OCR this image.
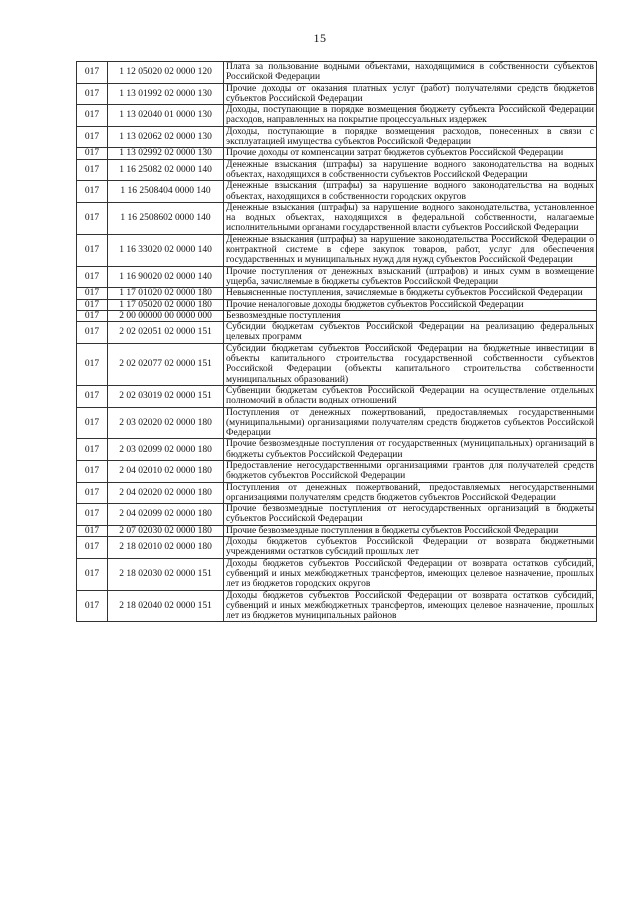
15
017	1 12 05020 02 0000 120	Плата за пользование водными объектами, находящимися в собственности субъектов Российской Федерации
017	1 13 01992 02 0000 130	Прочие доходы от оказания платных услуг (работ) получателями средств бюджетов субъектов Российской Федерации
017	1 13 02040 01 0000 130	Доходы, поступающие в порядке возмещения бюджету субъекта Российской Федерации расходов, направленных на покрытие процессуальных издержек
017	1 13 02062 02 0000 130	Доходы, поступающие в порядке возмещения расходов, понесенных в связи с эксплуатацией имущества субъектов Российской Федерации
017	1 13 02992 02 0000 130	Прочие доходы от компенсации затрат бюджетов субъектов Российской Федерации
017	1 16 25082 02 0000 140	Денежные взыскания (штрафы) за нарушение водного законодательства на водных объектах, находящихся в собственности субъектов Российской Федерации
017	1 16 2508404 0000 140	Денежные взыскания (штрафы) за нарушение водного законодательства на водных объектах, находящихся в собственности городских округов
017	1 16 2508602 0000 140	Денежные взыскания (штрафы) за нарушение водного законодательства, установленное на водных объектах, находящихся в федеральной собственности, налагаемые исполнительными органами государственной власти субъектов Российской Федерации
017	1 16 33020 02 0000 140	Денежные взыскания (штрафы) за нарушение законодательства Российской Федерации о контрактной системе в сфере закупок товаров, работ, услуг для обеспечения государственных и муниципальных нужд для нужд субъектов Российской Федерации
017	1 16 90020 02 0000 140	Прочие поступления от денежных взысканий (штрафов) и иных сумм в возмещение ущерба, зачисляемые в бюджеты субъектов Российской Федерации
017	1 17 01020 02 0000 180	Невыясненные поступления, зачисляемые в бюджеты субъектов Российской Федерации
017	1 17 05020 02 0000 180	Прочие неналоговые доходы бюджетов субъектов Российской Федерации
017	2 00 00000 00 0000 000	Безвозмездные поступления
017	2 02 02051 02 0000 151	Субсидии бюджетам субъектов Российской Федерации на реализацию федеральных целевых программ
017	2 02 02077 02 0000 151	Субсидии бюджетам субъектов Российской Федерации на бюджетные инвестиции в объекты капитального строительства государственной собственности субъектов Российской Федерации (объекты капитального строительства собственности муниципальных образований)
017	2 02 03019 02 0000 151	Субвенции бюджетам субъектов Российской Федерации на осуществление отдельных полномочий в области водных отношений
017	2 03 02020 02 0000 180	Поступления от денежных пожертвований, предоставляемых государственными (муниципальными) организациями получателям средств бюджетов субъектов Российской Федерации
017	2 03 02099 02 0000 180	Прочие безвозмездные поступления от государственных (муниципальных) организаций в бюджеты субъектов Российской Федерации
017	2 04 02010 02 0000 180	Предоставление негосударственными организациями грантов для получателей средств бюджетов субъектов Российской Федерации
017	2 04 02020 02 0000 180	Поступления от денежных пожертвований, предоставляемых негосударственными организациями получателям средств бюджетов субъектов Российской Федерации
017	2 04 02099 02 0000 180	Прочие безвозмездные поступления от негосударственных организаций в бюджеты субъектов Российской Федерации
017	2 07 02030 02 0000 180	Прочие безвозмездные поступления в бюджеты субъектов Российской Федерации
017	2 18 02010 02 0000 180	Доходы бюджетов субъектов Российской Федерации от возврата бюджетными учреждениями остатков субсидий прошлых лет
017	2 18 02030 02 0000 151	Доходы бюджетов субъектов Российской Федерации от возврата остатков субсидий, субвенций и иных межбюджетных трансфертов, имеющих целевое назначение, прошлых лет из бюджетов городских округов
017	2 18 02040 02 0000 151	Доходы бюджетов субъектов Российской Федерации от возврата остатков субсидий, субвенций и иных межбюджетных трансфертов, имеющих целевое назначение, прошлых лет из бюджетов муниципальных районов
